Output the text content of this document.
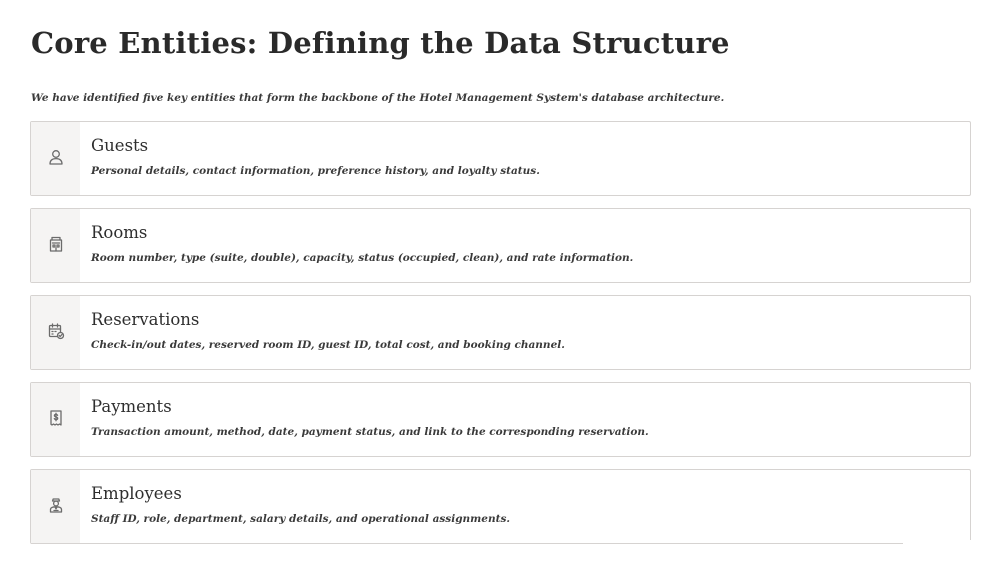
Core Entities: Defining the Data Structure

We have identified five key entities that form the backbone of the Hotel Management System's database architecture.

Guests

Personal details, contact information, preference history, and loyalty status.

Rooms

Room number, type (suite, double), capacity, status (occupied, clean), and rate information.

Reservations

Check-in/out dates, reserved room ID, guest ID, total cost, and booking channel.

Payments

Transaction amount, method, date, payment status, and link to the corresponding reservation.

Employees

Staff ID, role, department, salary details, and operational assignments.
